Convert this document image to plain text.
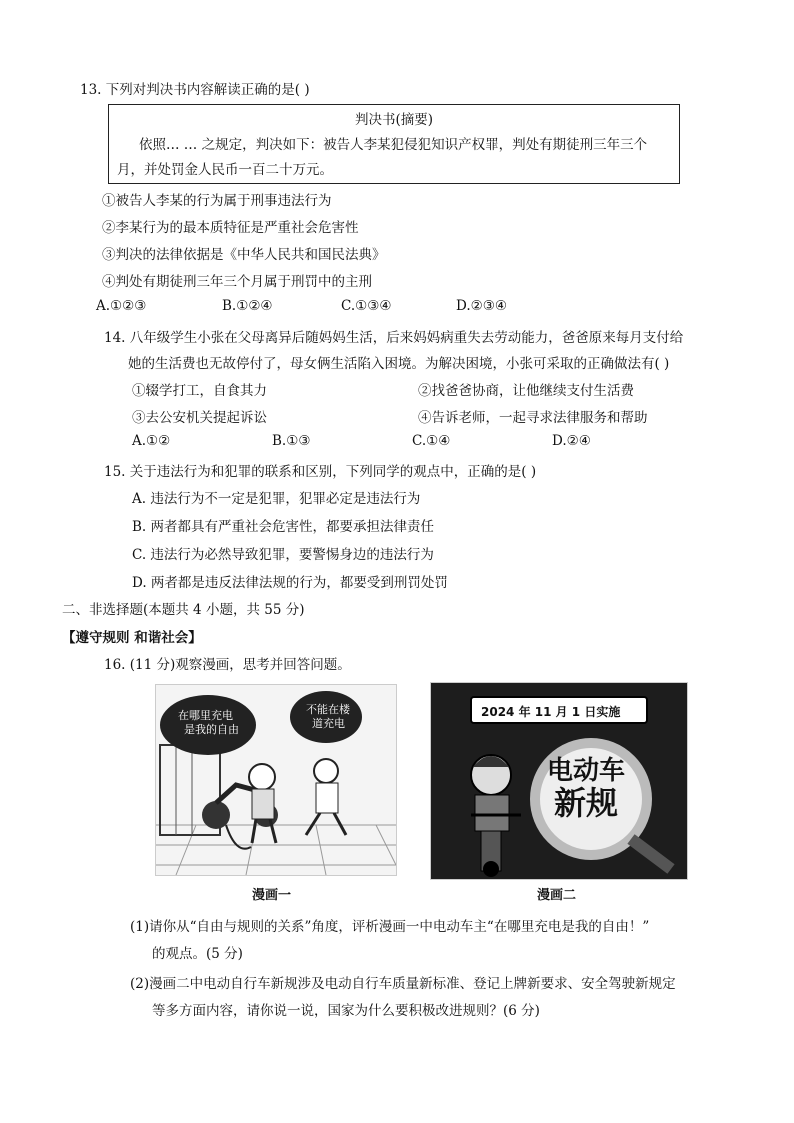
13. 下列对判决书内容解读正确的是( )
判决书(摘要)
依照… … 之规定，判决如下：被告人李某犯侵犯知识产权罪，判处有期徒刑三年三个
月，并处罚金人民币一百二十万元。
①被告人李某的行为属于刑事违法行为
②李某行为的最本质特征是严重社会危害性
③判决的法律依据是《中华人民共和国民法典》
④判处有期徒刑三年三个月属于刑罚中的主刑
A.①②③	B.①②④	C.①③④	D.②③④
14. 八年级学生小张在父母离异后随妈妈生活，后来妈妈病重失去劳动能力，爸爸原来每月支付给
她的生活费也无故停付了，母女俩生活陷入困境。为解决困境，小张可采取的正确做法有( )
①辍学打工，自食其力	②找爸爸协商，让他继续支付生活费
③去公安机关提起诉讼	④告诉老师，一起寻求法律服务和帮助
A.①②	B.①③	C.①④	D.②④
15. 关于违法行为和犯罪的联系和区别，下列同学的观点中，正确的是( )
A. 违法行为不一定是犯罪，犯罪必定是违法行为
B. 两者都具有严重社会危害性，都要承担法律责任
C. 违法行为必然导致犯罪，要警惕身边的违法行为
D. 两者都是违反法律法规的行为，都要受到刑罚处罚
二、非选择题(本题共 4 小题，共 55 分)
【遵守规则 和谐社会】
16. (11 分)观察漫画，思考并回答问题。
在哪里充电
是我的自由
不能在楼
道充电
漫画一
2024 年 11 月 1 日实施
电动车
新规
漫画二
(1)请你从“自由与规则的关系”角度，评析漫画一中电动车主“在哪里充电是我的自由！”
的观点。(5 分)
(2)漫画二中电动自行车新规涉及电动自行车质量新标准、登记上牌新要求、安全驾驶新规定
等多方面内容，请你说一说，国家为什么要积极改进规则？(6 分)
